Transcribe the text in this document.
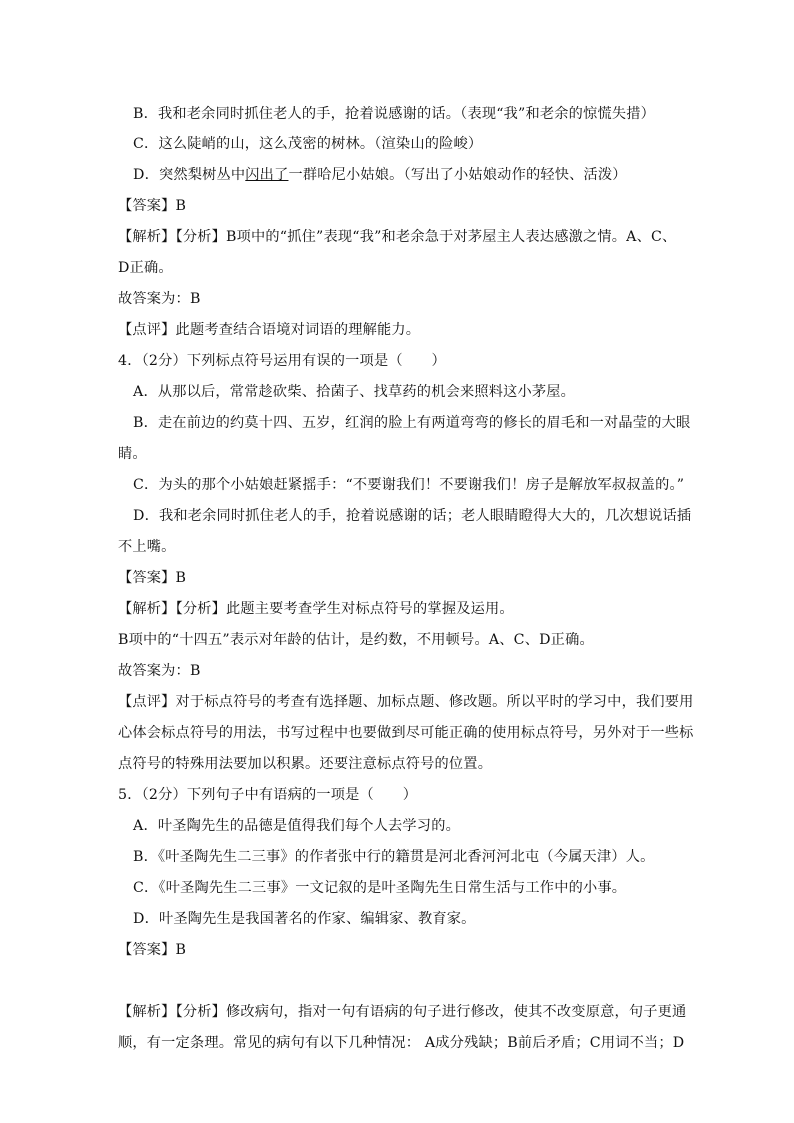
B．我和老余同时抓住老人的手，抢着说感谢的话。（表现“我”和老余的惊慌失措）
C．这么陡峭的山，这么茂密的树林。（渲染山的险峻）
D．突然梨树丛中闪出了一群哈尼小姑娘。（写出了小姑娘动作的轻快、活泼）
【答案】B
【解析】【分析】B项中的“抓住”表现“我”和老余急于对茅屋主人表达感激之情。A、C、
D正确。
故答案为：B
【点评】此题考查结合语境对词语的理解能力。
4．（2分）下列标点符号运用有误的一项是（　　）
A．从那以后，常常趁砍柴、拾菌子、找草药的机会来照料这小茅屋。
B．走在前边的约莫十四、五岁，红润的脸上有两道弯弯的修长的眉毛和一对晶莹的大眼
睛。
C．为头的那个小姑娘赶紧摇手：“不要谢我们！不要谢我们！房子是解放军叔叔盖的。”
D．我和老余同时抓住老人的手，抢着说感谢的话；老人眼睛瞪得大大的，几次想说话插
不上嘴。
【答案】B
【解析】【分析】此题主要考查学生对标点符号的掌握及运用。
B项中的“十四五”表示对年龄的估计，是约数，不用顿号。A、C、D正确。
故答案为：B
【点评】对于标点符号的考查有选择题、加标点题、修改题。所以平时的学习中，我们要用
心体会标点符号的用法，书写过程中也要做到尽可能正确的使用标点符号，另外对于一些标
点符号的特殊用法要加以积累。还要注意标点符号的位置。
5．（2分）下列句子中有语病的一项是（　　）
A．叶圣陶先生的品德是值得我们每个人去学习的。
B．《叶圣陶先生二三事》的作者张中行的籍贯是河北香河河北屯（今属天津）人。
C．《叶圣陶先生二三事》一文记叙的是叶圣陶先生日常生活与工作中的小事。
D．叶圣陶先生是我国著名的作家、编辑家、教育家。
【答案】B
【解析】【分析】修改病句，指对一句有语病的句子进行修改，使其不改变原意，句子更通
顺，有一定条理。常见的病句有以下几种情况： A成分残缺；B前后矛盾；C用词不当；D
